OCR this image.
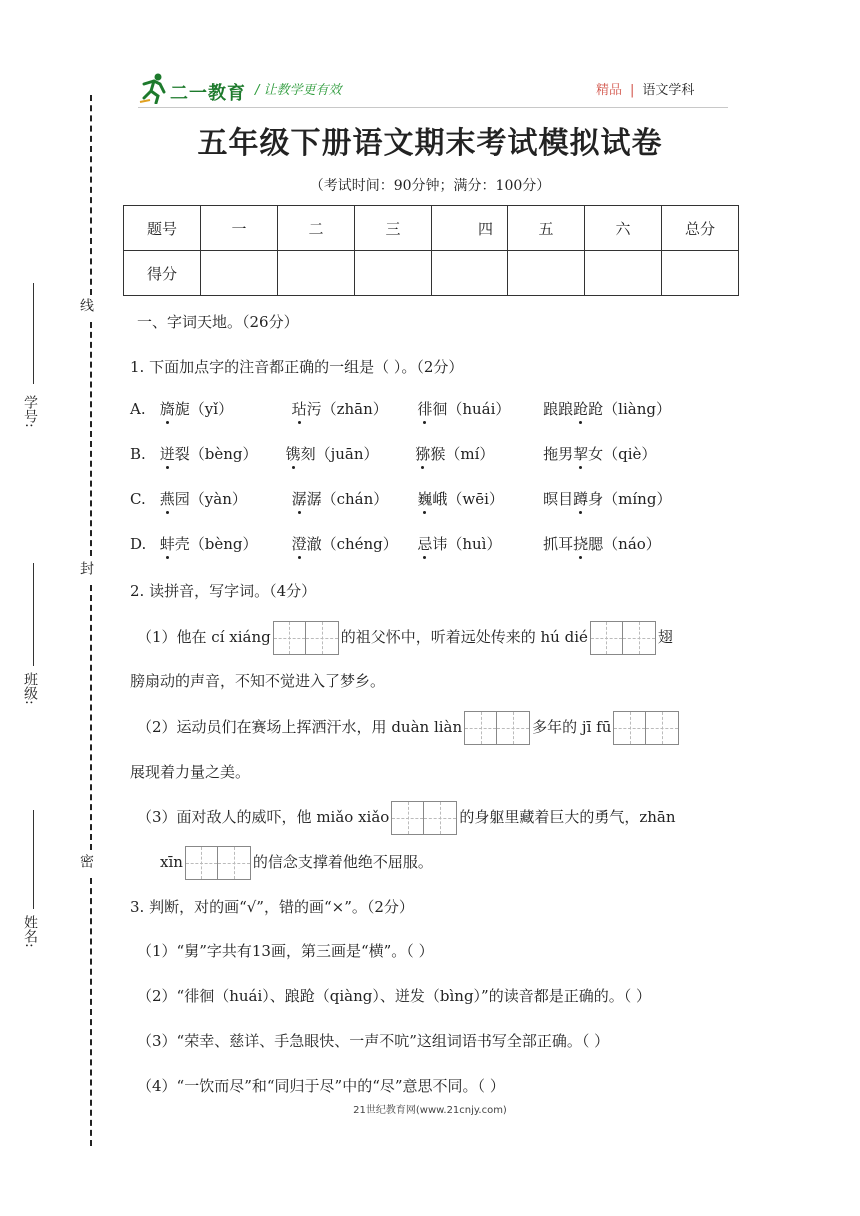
二一教育 / 让教学更有效	精品 | 语文学科
五年级下册语文期末考试模拟试卷
（考试时间：90分钟；满分：100分）
题号	一	二	三	四	五	六	总分
得分							
线
封
密
学号:
班级:
姓名:
一、字词天地。（26分）
1. 下面加点字的注音都正确的一组是（ ）。（2分）
A. 旖旎（yǐ）	玷污（zhān） 徘徊（huái） 踉踉跄跄（liàng）
B. 迸裂（bèng） 镌刻（juān） 猕猴（mí）	拖男挈女（qiè）
C. 燕园（yàn）	潺潺（chán） 巍峨（wēi）	暝目蹲身（míng）
D. 蚌壳（bèng） 澄澈（chéng） 忌讳（huì）	抓耳挠腮（náo）
2. 读拼音，写字词。（4分）
（1）他在 cí xiáng	的祖父怀中，听着远处传来的 hú dié	翅
膀扇动的声音，不知不觉进入了梦乡。
（2）运动员们在赛场上挥洒汗水，用 duàn liàn	多年的 jī fū
展现着力量之美。
（3）面对敌人的威吓，他 miǎo xiǎo	的身躯里藏着巨大的勇气，zhān
xīn	的信念支撑着他绝不屈服。
3. 判断，对的画“√”，错的画“×”。（2分）
（1）“舅”字共有13画，第三画是“横”。（ ）
（2）“徘徊（huái）、踉跄（qiàng）、迸发（bìng）”的读音都是正确的。（ ）
（3）“荣幸、慈详、手急眼快、一声不吭”这组词语书写全部正确。（ ）
（4）“一饮而尽”和“同归于尽”中的“尽”意思不同。（ ）
21世纪教育网(www.21cnjy.com)
